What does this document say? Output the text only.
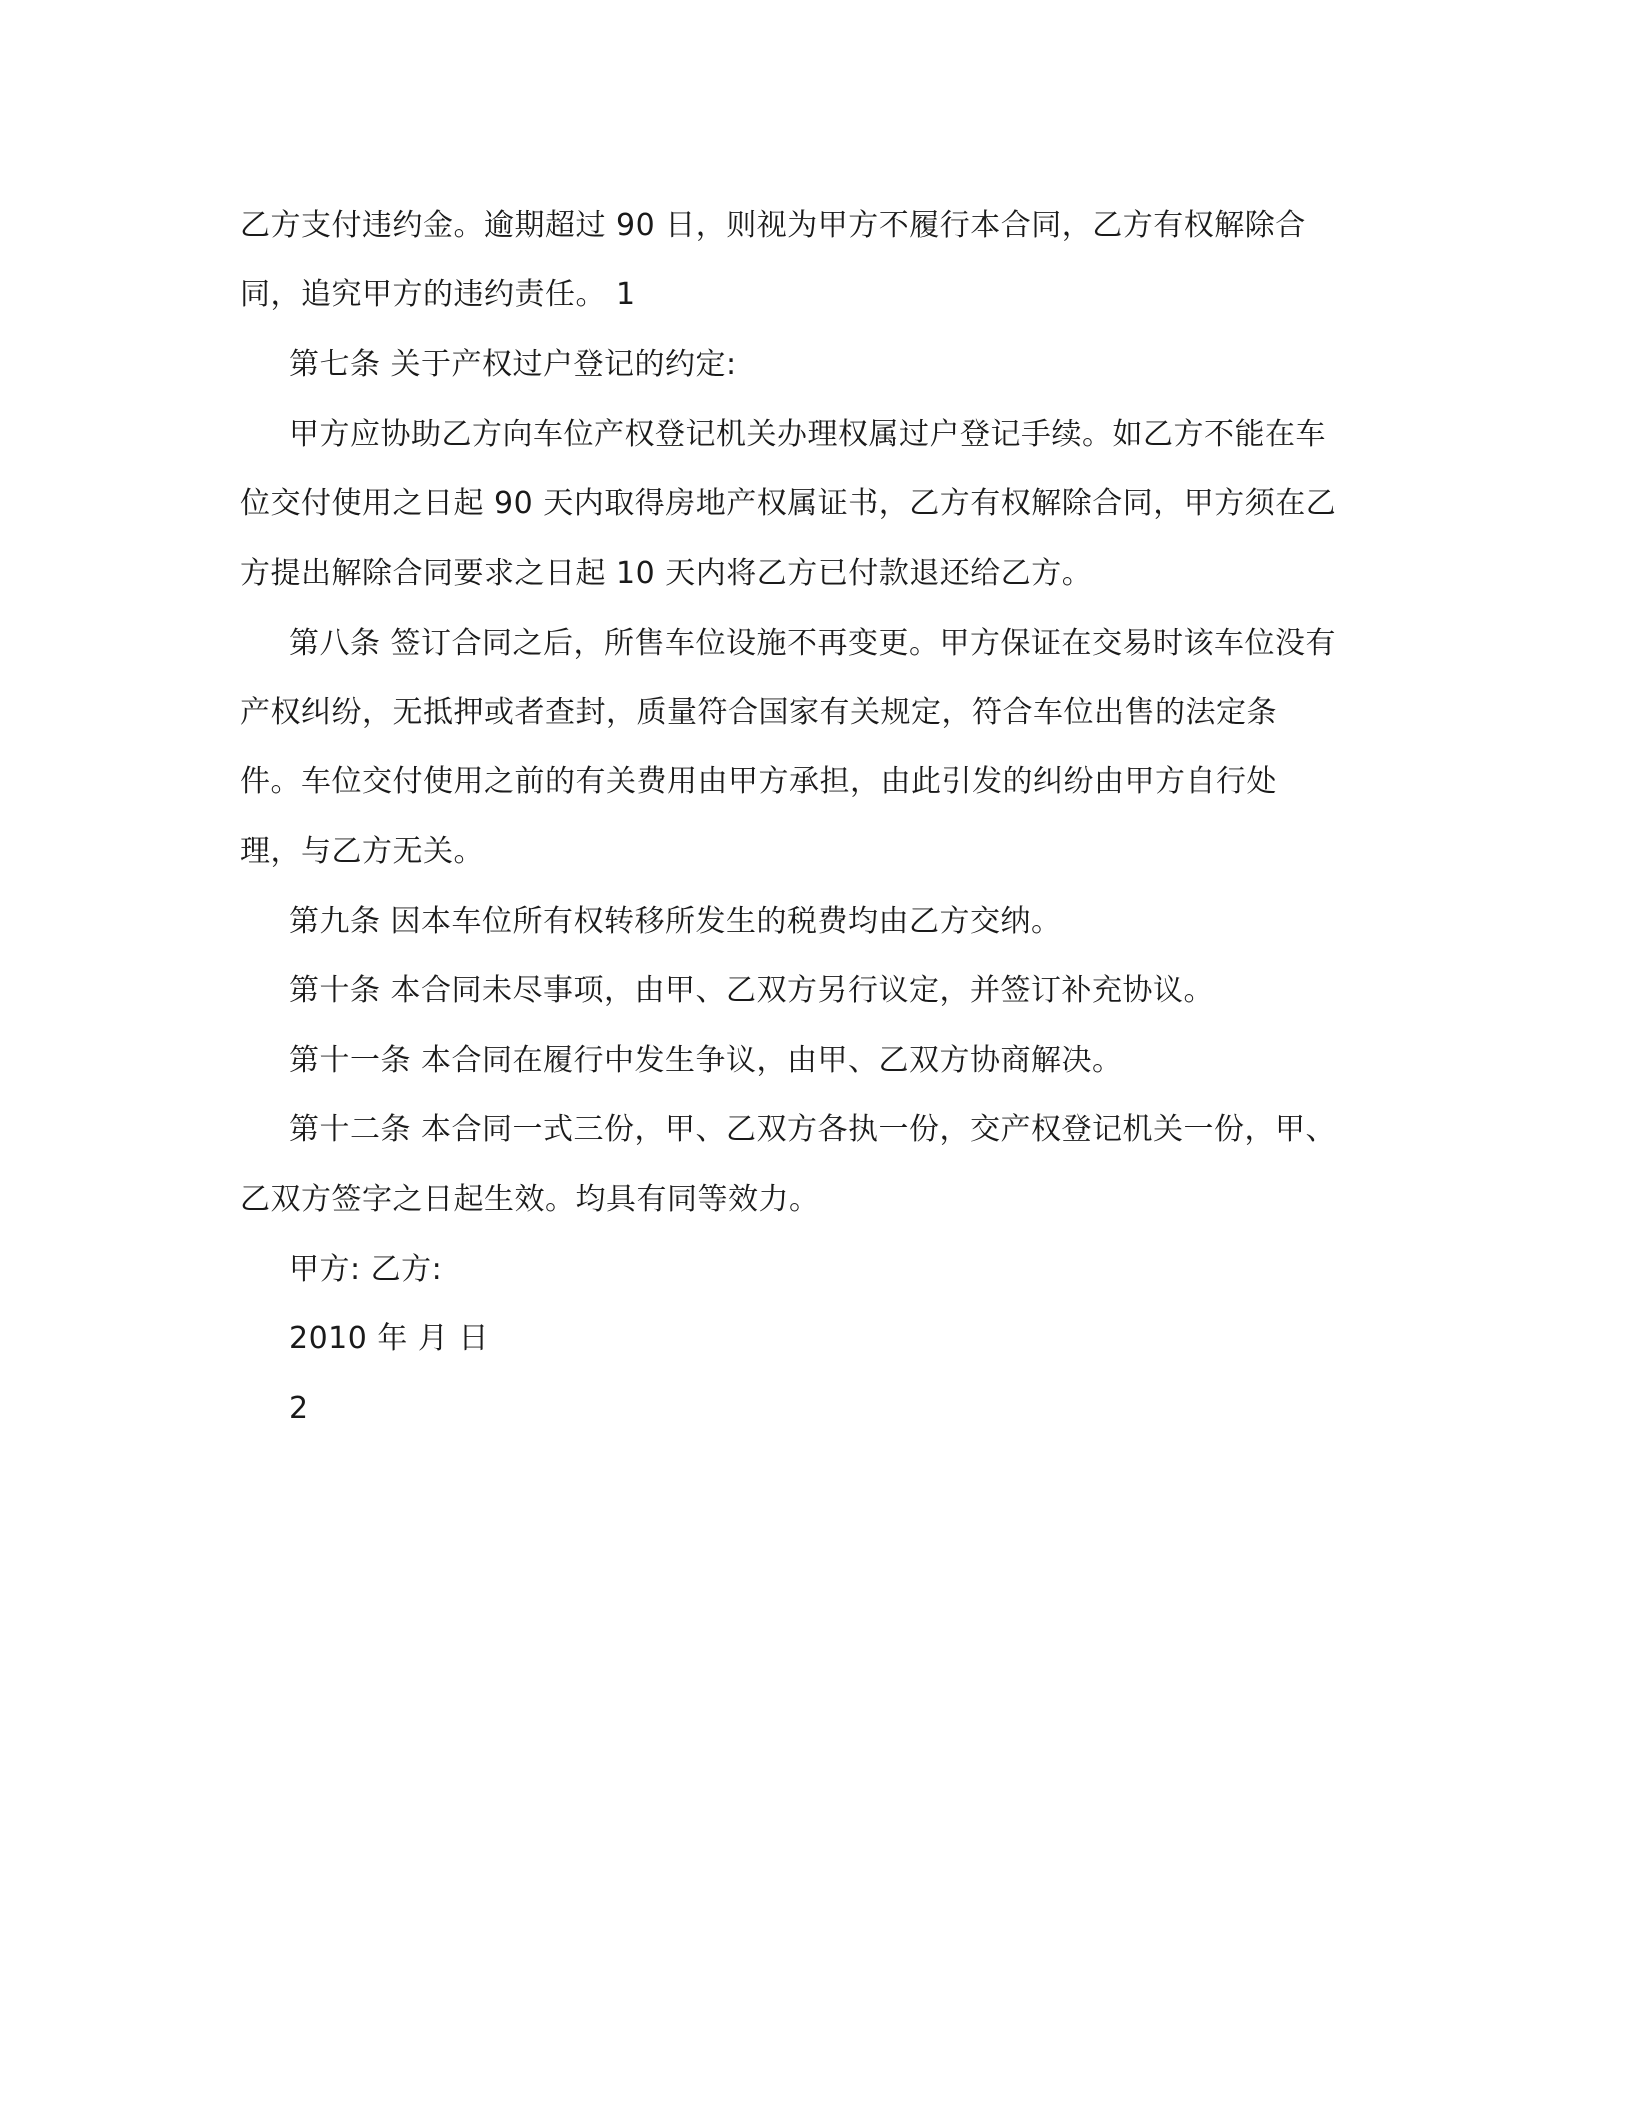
乙方支付违约金。逾期超过 90 日，则视为甲方不履行本合同，乙方有权解除合
同，追究甲方的违约责任。 1
第七条 关于产权过户登记的约定:
甲方应协助乙方向车位产权登记机关办理权属过户登记手续。如乙方不能在车
位交付使用之日起 90 天内取得房地产权属证书，乙方有权解除合同，甲方须在乙
方提出解除合同要求之日起 10 天内将乙方已付款退还给乙方。
第八条 签订合同之后，所售车位设施不再变更。甲方保证在交易时该车位没有
产权纠纷，无抵押或者查封，质量符合国家有关规定，符合车位出售的法定条
件。车位交付使用之前的有关费用由甲方承担，由此引发的纠纷由甲方自行处
理，与乙方无关。
第九条 因本车位所有权转移所发生的税费均由乙方交纳。
第十条 本合同未尽事项，由甲、乙双方另行议定，并签订补充协议。
第十一条 本合同在履行中发生争议，由甲、乙双方协商解决。
第十二条 本合同一式三份，甲、乙双方各执一份，交产权登记机关一份，甲、
乙双方签字之日起生效。均具有同等效力。
甲方: 乙方:
2010 年 月 日
2
